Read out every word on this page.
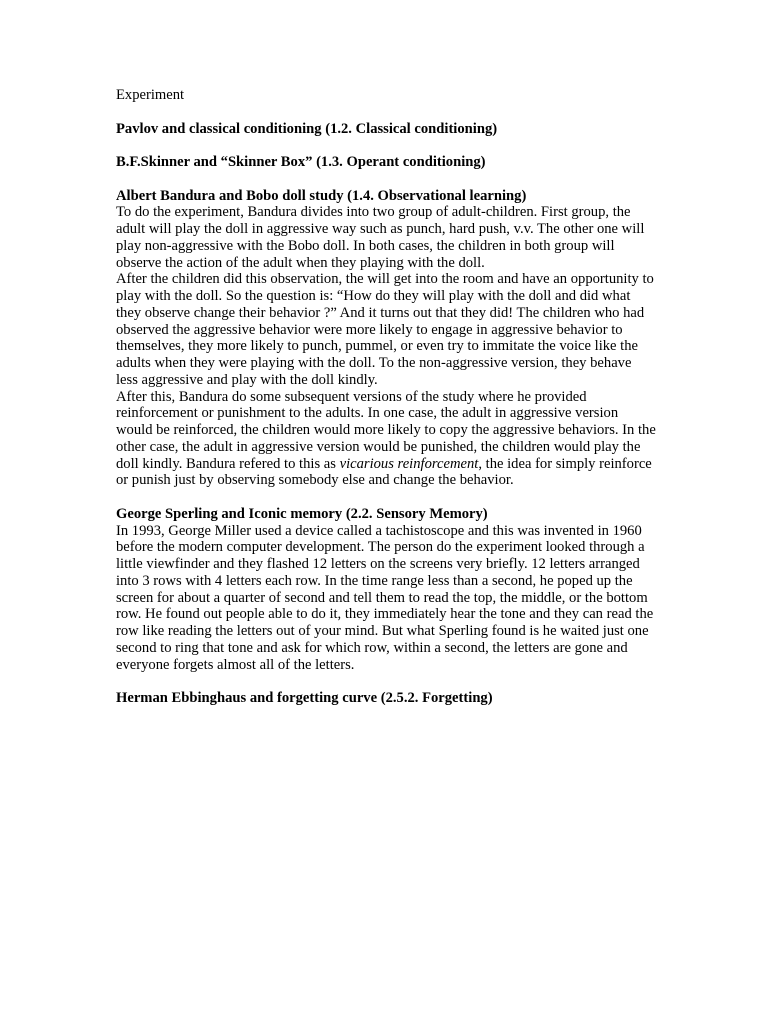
Experiment

Pavlov and classical conditioning (1.2. Classical conditioning)

B.F.Skinner and “Skinner Box” (1.3. Operant conditioning)

Albert Bandura and Bobo doll study (1.4. Observational learning)

To do the experiment, Bandura divides into two group of adult-children. First group, the adult will play the doll in aggressive way such as punch, hard push, v.v. The other one will play non-aggressive with the Bobo doll. In both cases, the children in both group will observe the action of the adult when they playing with the doll.

After the children did this observation, the will get into the room and have an opportunity to play with the doll. So the question is: “How do they will play with the doll and did what they observe change their behavior ?” And it turns out that they did! The children who had observed the aggressive behavior were more likely to engage in aggressive behavior to themselves, they more likely to punch, pummel, or even try to immitate the voice like the adults when they were playing with the doll. To the non-aggressive version, they behave less aggressive and play with the doll kindly.

After this, Bandura do some subsequent versions of the study where he provided reinforcement or punishment to the adults. In one case, the adult in aggressive version would be reinforced, the children would more likely to copy the aggressive behaviors. In the other case, the adult in aggressive version would be punished, the children would play the doll kindly. Bandura refered to this as vicarious reinforcement, the idea for simply reinforce or punish just by observing somebody else and change the behavior.

George Sperling and Iconic memory (2.2. Sensory Memory)

In 1993, George Miller used a device called a tachistoscope and this was invented in 1960 before the modern computer development. The person do the experiment looked through a little viewfinder and they flashed 12 letters on the screens very briefly. 12 letters arranged into 3 rows with 4 letters each row. In the time range less than a second, he poped up the screen for about a quarter of second and tell them to read the top, the middle, or the bottom row. He found out people able to do it, they immediately hear the tone and they can read the row like reading the letters out of your mind. But what Sperling found is he waited just one second to ring that tone and ask for which row, within a second, the letters are gone and everyone forgets almost all of the letters.

Herman Ebbinghaus and forgetting curve (2.5.2. Forgetting)
